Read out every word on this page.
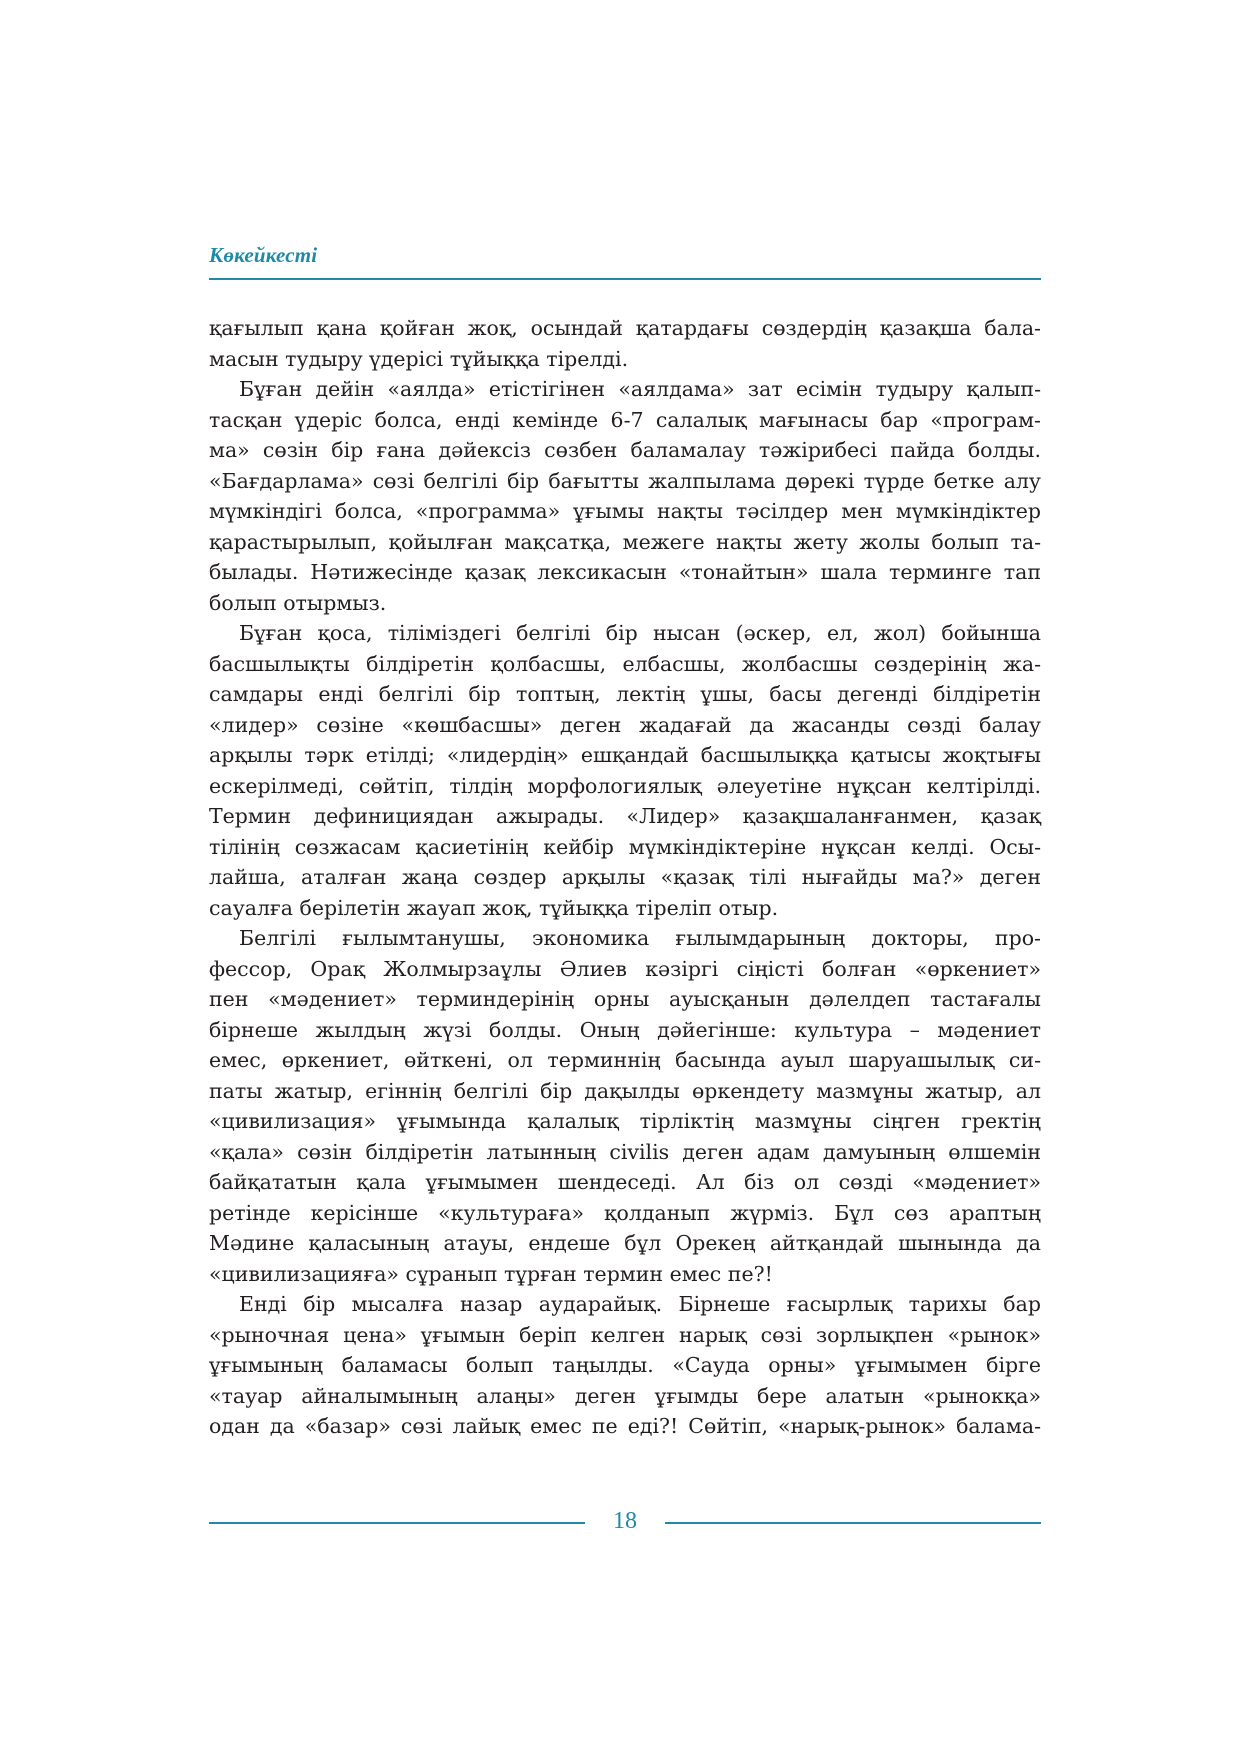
Көкейкесті

қағылып қана қойған жоқ, осындай қатардағы сөздердің қазақша бала-

масын тудыру үдерісі тұйыққа тірелді.

Бұған дейін «аялда» етістігінен «аялдама» зат есімін тудыру қалып-

тасқан үдеріс болса, енді кемінде 6-7 салалық мағынасы бар «програм-

ма» сөзін бір ғана дәйексіз сөзбен баламалау тәжірибесі пайда болды.

«Бағдарлама» сөзі белгілі бір бағытты жалпылама дөрекі түрде бетке алу

мүмкіндігі болса, «программа» ұғымы нақты тәсілдер мен мүмкіндіктер

қарастырылып, қойылған мақсатқа, межеге нақты жету жолы болып та-

былады. Нәтижесінде қазақ лексикасын «тонайтын» шала терминге тап

болып отырмыз.

Бұған қоса, тіліміздегі белгілі бір нысан (әскер, ел, жол) бойынша

басшылықты білдіретін қолбасшы, елбасшы, жолбасшы сөздерінің жа-

самдары енді белгілі бір топтың, лектің ұшы, басы дегенді білдіретін

«лидер» сөзіне «көшбасшы» деген жадағай да жасанды сөзді балау

арқылы тәрк етілді; «лидердің» ешқандай басшылыққа қатысы жоқтығы

ескерілмеді, сөйтіп, тілдің морфологиялық әлеуетіне нұқсан келтірілді.

Термин дефинициядан ажырады. «Лидер» қазақшаланғанмен, қазақ

тілінің сөзжасам қасиетінің кейбір мүмкіндіктеріне нұқсан келді. Осы-

лайша, аталған жаңа сөздер арқылы «қазақ тілі нығайды ма?» деген

сауалға берілетін жауап жоқ, тұйыққа тіреліп отыр.

Белгілі ғылымтанушы, экономика ғылымдарының докторы, про-

фессор, Орақ Жолмырзаұлы Әлиев кәзіргі сіңісті болған «өркениет»

пен «мәдениет» терминдерінің орны ауысқанын дәлелдеп тастағалы

бірнеше жылдың жүзі болды. Оның дәйегінше: культура – мәдениет

емес, өркениет, өйткені, ол терминнің басында ауыл шаруашылық си-

паты жатыр, егіннің белгілі бір дақылды өркендету мазмұны жатыр, ал

«цивилизация» ұғымында қалалық тірліктің мазмұны сіңген гректің

«қала» сөзін білдіретін латынның civilis деген адам дамуының өлшемін

байқататын қала ұғымымен шендеседі. Ал біз ол сөзді «мәдениет»

ретінде керісінше «культураға» қолданып жүрміз. Бұл сөз араптың

Мәдине қаласының атауы, ендеше бұл Орекең айтқандай шынында да

«цивилизацияға» сұранып тұрған термин емес пе?!

Енді бір мысалға назар аударайық. Бірнеше ғасырлық тарихы бар

«рыночная цена» ұғымын беріп келген нарық сөзі зорлықпен «рынок»

ұғымының баламасы болып таңылды. «Сауда орны» ұғымымен бірге

«тауар айналымының алаңы» деген ұғымды бере алатын «рынокқа»

одан да «базар» сөзі лайық емес пе еді?! Сөйтіп, «нарық-рынок» балама-

18
